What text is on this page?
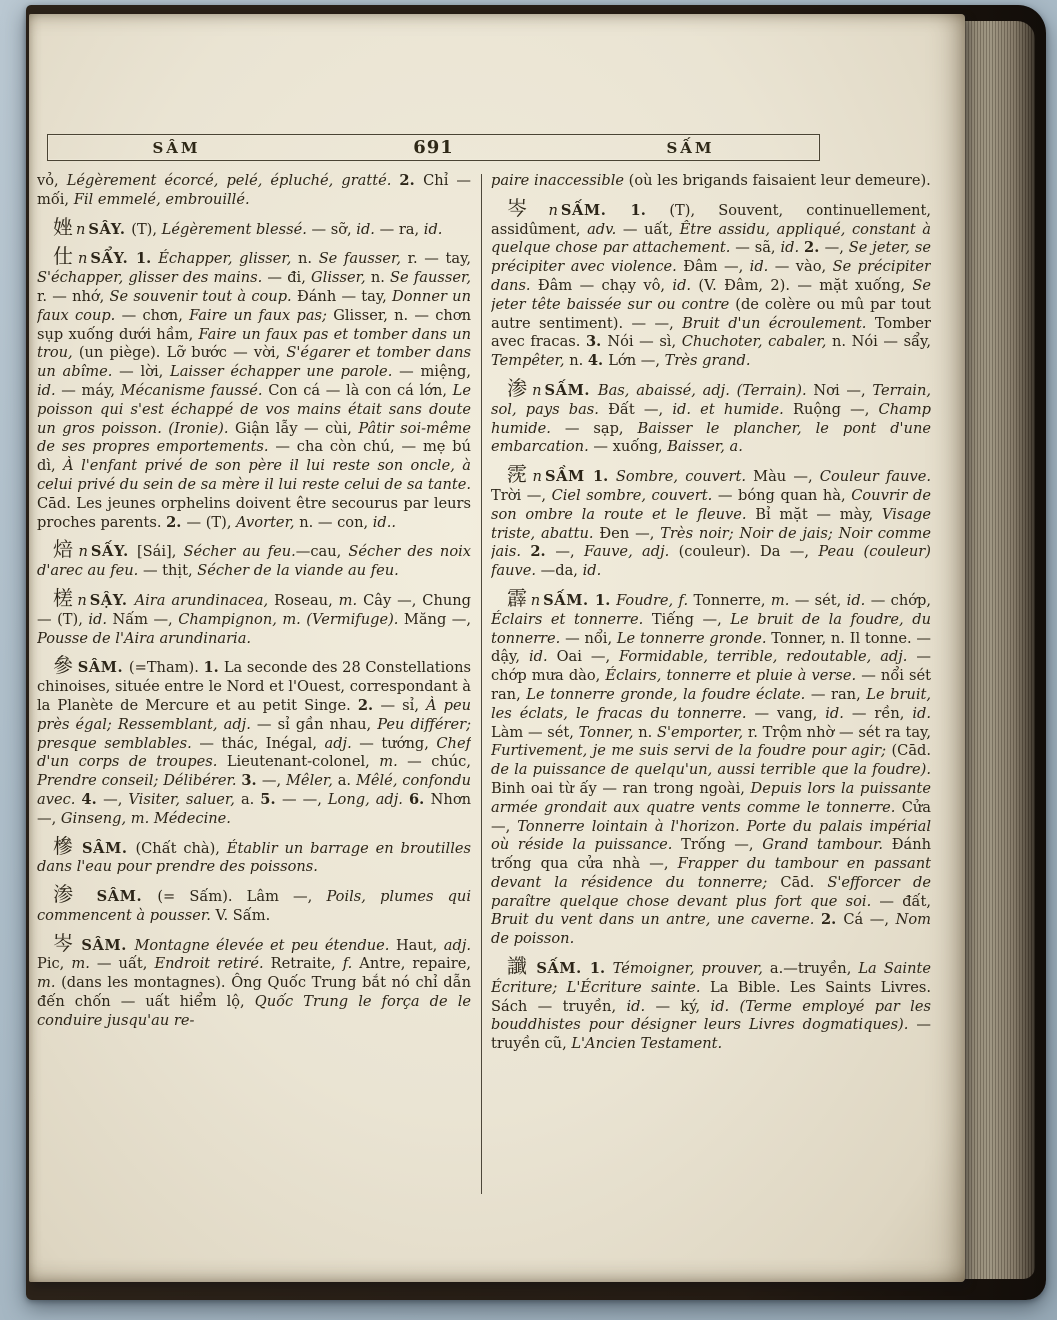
SÂM	691	SẤM

vỏ, Légèrement écorcé, pelé, épluché, gratté. 2. Chỉ — mối, Fil emmelé, embrouillé.

㛗 n SÂY. (T), Légèrement blessé. — sỡ, id. — ra, id.

仕 n SẨY. 1. Échapper, glisser, n. Se fausser, r. — tay, S'échapper, glisser des mains. — đi, Glisser, n. Se fausser, r. — nhớ, Se souvenir tout à coup. Đánh — tay, Donner un faux coup. — chơn, Faire un faux pas; Glisser, n. — chơn sụp xuống dưới hầm, Faire un faux pas et tomber dans un trou, (un piège). Lỡ bước — vời, S'égarer et tomber dans un abîme. — lời, Laisser échapper une parole. — miệng, id. — máy, Mécanisme faussé. Con cá — là con cá lớn, Le poisson qui s'est échappé de vos mains était sans doute un gros poisson. (Ironie). Giận lẫy — cùi, Pâtir soi-même de ses propres emportements. — cha còn chú, — mẹ bú dì, À l'enfant privé de son père il lui reste son oncle, à celui privé du sein de sa mère il lui reste celui de sa tante. Cād. Les jeunes orphelins doivent être secourus par leurs proches parents. 2. — (T), Avorter, n. — con, id..

焙 n SẤY. [Sái], Sécher au feu.—cau, Sécher des noix d'arec au feu. — thịt, Sécher de la viande au feu.

槎 n SẬY. Aira arundinacea, Roseau, m. Cây —, Chung — (T), id. Nấm —, Champignon, m. (Vermifuge). Măng —, Pousse de l'Aira arundinaria.

參 SÂM. (=Tham). 1. La seconde des 28 Constellations chinoises, située entre le Nord et l'Ouest, correspondant à la Planète de Mercure et au petit Singe. 2. — sỉ, À peu près égal; Ressemblant, adj. — sỉ gần nhau, Peu différer; presque semblables. — thác, Inégal, adj. — tướng, Chef d'un corps de troupes. Lieutenant-colonel, m. — chúc, Prendre conseil; Délibérer. 3. —, Mêler, a. Mêlé, confondu avec. 4. —, Visiter, saluer, a. 5. — —, Long, adj. 6. Nhơn —, Ginseng, m. Médecine.

槮 SÂM. (Chất chà), Établir un barrage en broutilles dans l'eau pour prendre des poissons.

渗 SÂM. (= Sấm). Lâm —, Poils, plumes qui commencent à pousser. V. Sấm.

岑 SÂM. Montagne élevée et peu étendue. Haut, adj. Pic, m. — uất, Endroit retiré. Retraite, f. Antre, repaire, m. (dans les montagnes). Ông Quốc Trung bắt nó chỉ dẫn đến chốn — uất hiểm lộ, Quốc Trung le força de le conduire jusqu'au re-

paire inaccessible (où les brigands faisaient leur demeure).

岑 n SẤM. 1. (T), Souvent, continuellement, assidûment, adv. — uất, Être assidu, appliqué, constant à quelque chose par attachement. — sã, id. 2. —, Se jeter, se précipiter avec violence. Đâm —, id. — vào, Se précipiter dans. Đâm — chạy vô, id. (V. Đâm, 2). — mặt xuống, Se jeter tête baissée sur ou contre (de colère ou mû par tout autre sentiment). — —, Bruit d'un écroulement. Tomber avec fracas. 3. Nói — sì, Chuchoter, cabaler, n. Nói — sẩy, Tempêter, n. 4. Lớn —, Très grand.

渗 n SẤM. Bas, abaissé, adj. (Terrain). Nơi —, Terrain, sol, pays bas. Đất —, id. et humide. Ruộng —, Champ humide. — sạp, Baisser le plancher, le pont d'une embarcation. — xuống, Baisser, a.

霃 n SẦM 1. Sombre, couvert. Màu —, Couleur fauve. Trời —, Ciel sombre, couvert. — bóng quan hà, Couvrir de son ombre la route et le fleuve. Bỉ mặt — mày, Visage triste, abattu. Đen —, Très noir; Noir de jais; Noir comme jais. 2. —, Fauve, adj. (couleur). Da —, Peau (couleur) fauve. —da, id.

霹 n SẤM. 1. Foudre, f. Tonnerre, m. — sét, id. — chớp, Éclairs et tonnerre. Tiếng —, Le bruit de la foudre, du tonnerre. — nổi, Le tonnerre gronde. Tonner, n. Il tonne. — dậy, id. Oai —, Formidable, terrible, redoutable, adj. — chớp mưa dào, Éclairs, tonnerre et pluie à verse. — nổi sét ran, Le tonnerre gronde, la foudre éclate. — ran, Le bruit, les éclats, le fracas du tonnerre. — vang, id. — rền, id. Làm — sét, Tonner, n. S'emporter, r. Trộm nhờ — sét ra tay, Furtivement, je me suis servi de la foudre pour agir; (Cād. de la puissance de quelqu'un, aussi terrible que la foudre). Binh oai từ ấy — ran trong ngoài, Depuis lors la puissante armée grondait aux quatre vents comme le tonnerre. Cửa —, Tonnerre lointain à l'horizon. Porte du palais impérial où réside la puissance. Trống —, Grand tambour. Đánh trống qua cửa nhà —, Frapper du tambour en passant devant la résidence du tonnerre; Cād. S'efforcer de paraître quelque chose devant plus fort que soi. — đất, Bruit du vent dans un antre, une caverne. 2. Cá —, Nom de poisson.

讖 SẤM. 1. Témoigner, prouver, a.—truyền, La Sainte Écriture; L'Écriture sainte. La Bible. Les Saints Livres. Sách — truyền, id. — ký, id. (Terme employé par les bouddhistes pour désigner leurs Livres dogmatiques). — truyền cũ, L'Ancien Testament.
